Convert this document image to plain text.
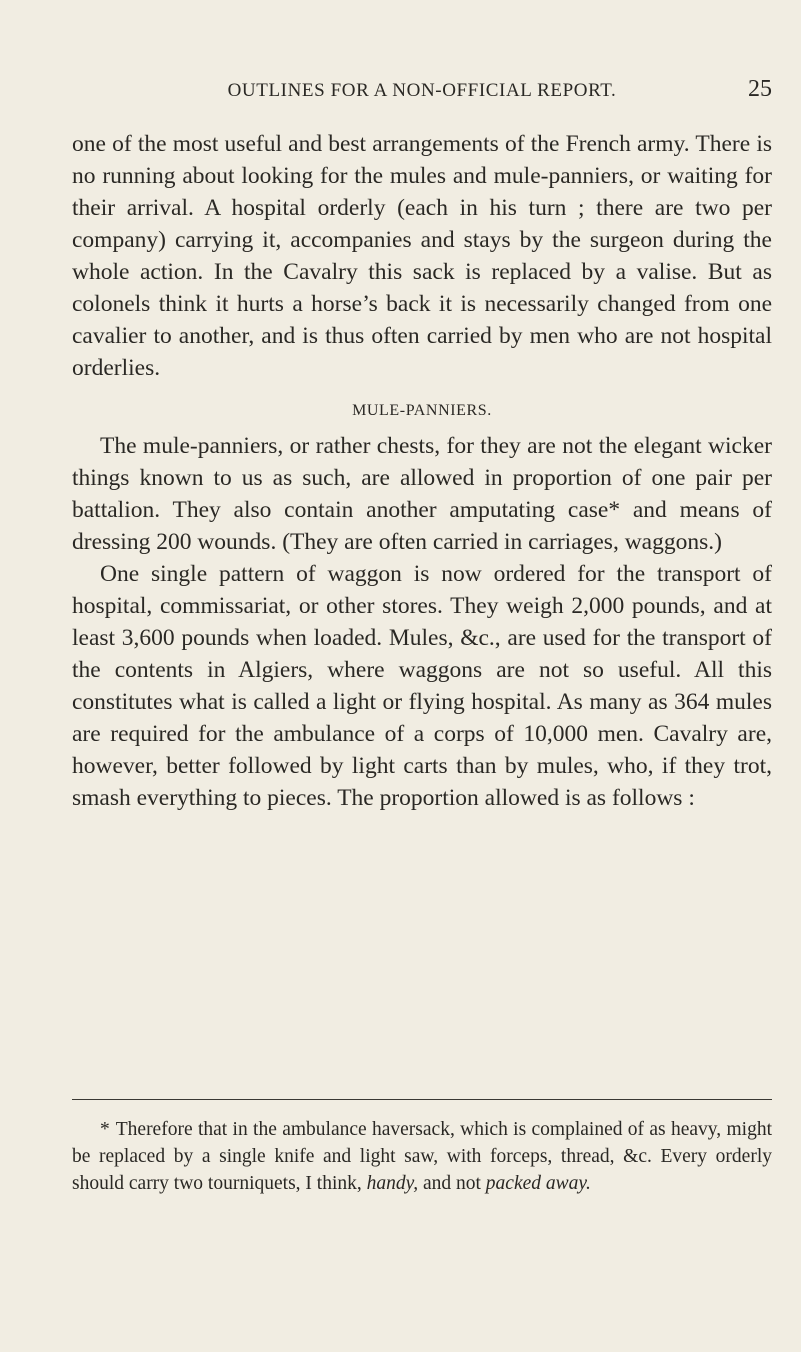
OUTLINES FOR A NON-OFFICIAL REPORT.	25

one of the most useful and best arrangements of the French army. There is no running about looking for the mules and mule-panniers, or waiting for their arrival. A hospital orderly (each in his turn ; there are two per company) carrying it, accompanies and stays by the surgeon during the whole action. In the Cavalry this sack is replaced by a valise. But as colonels think it hurts a horse’s back it is necessarily changed from one cavalier to another, and is thus often carried by men who are not hospital orderlies.

MULE-PANNIERS.

The mule-panniers, or rather chests, for they are not the elegant wicker things known to us as such, are allowed in proportion of one pair per battalion. They also contain another amputating case* and means of dressing 200 wounds. (They are often carried in carriages, waggons.)

One single pattern of waggon is now ordered for the transport of hospital, commissariat, or other stores. They weigh 2,000 pounds, and at least 3,600 pounds when loaded. Mules, &c., are used for the transport of the contents in Algiers, where waggons are not so useful. All this constitutes what is called a light or flying hospital. As many as 364 mules are required for the ambulance of a corps of 10,000 men. Cavalry are, however, better followed by light carts than by mules, who, if they trot, smash everything to pieces. The proportion allowed is as follows :

* Therefore that in the ambulance haversack, which is complained of as heavy, might be replaced by a single knife and light saw, with forceps, thread, &c. Every orderly should carry two tourniquets, I think, handy, and not packed away.
